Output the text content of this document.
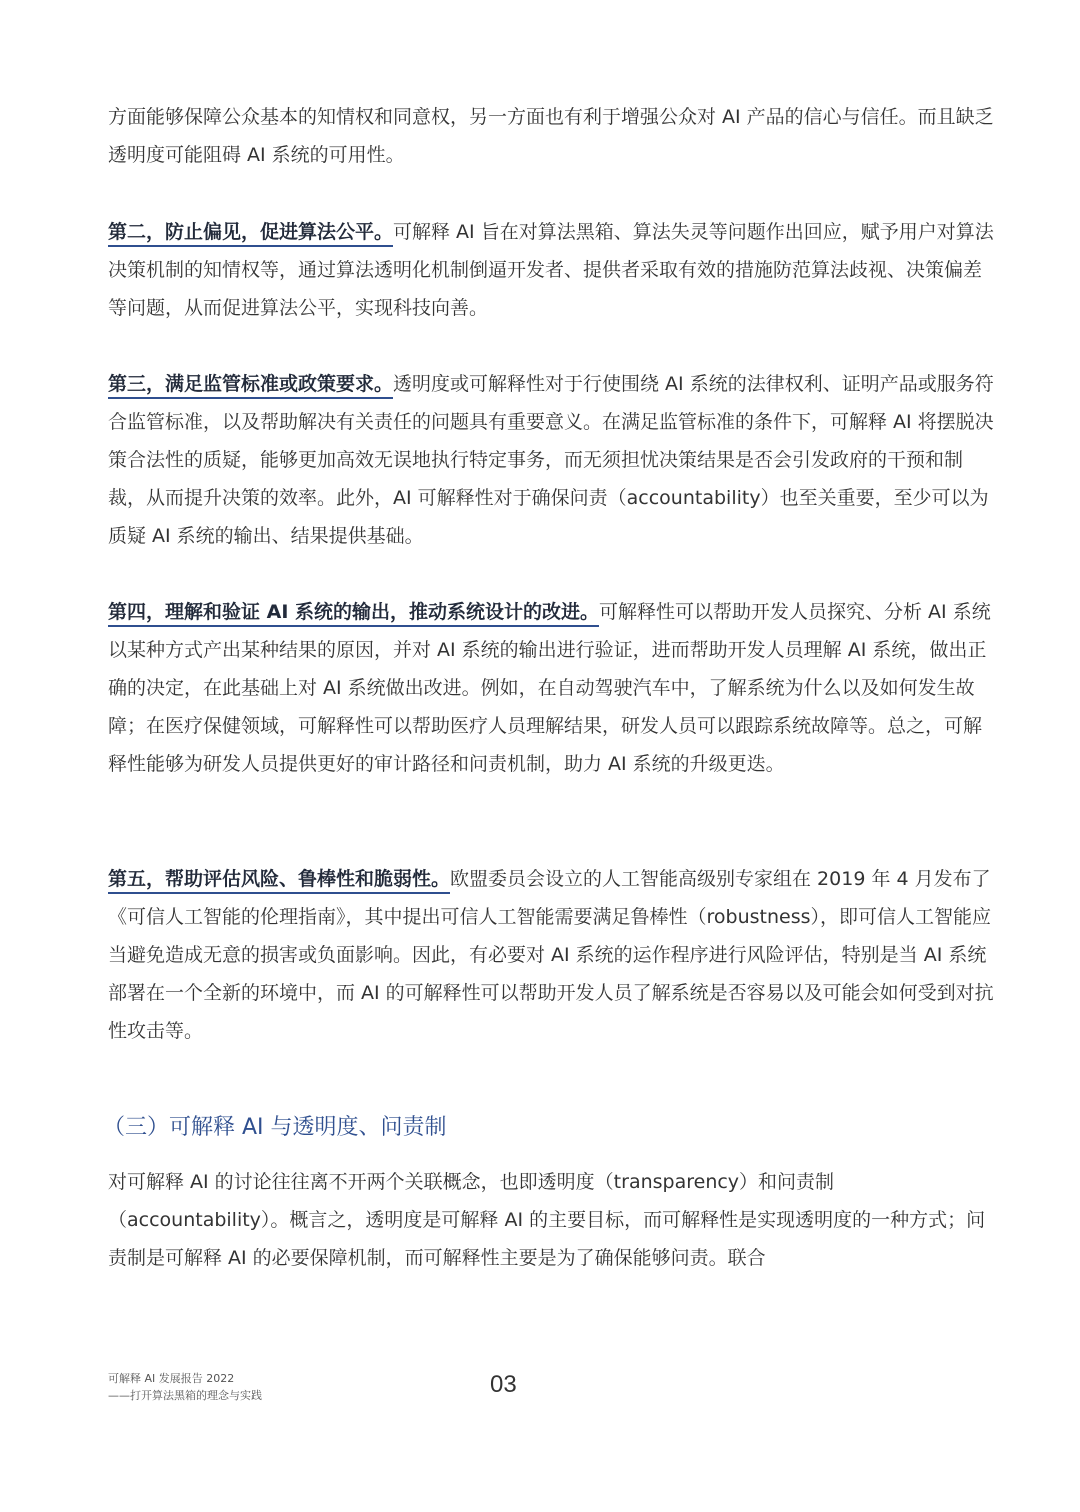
方面能够保障公众基本的知情权和同意权，另一方面也有利于增强公众对 AI 产品的信心与信任。而且缺乏透明度可能阻碍 AI 系统的可用性。
第二，防止偏见，促进算法公平。可解释 AI 旨在对算法黑箱、算法失灵等问题作出回应，赋予用户对算法决策机制的知情权等，通过算法透明化机制倒逼开发者、提供者采取有效的措施防范算法歧视、决策偏差等问题，从而促进算法公平，实现科技向善。
第三，满足监管标准或政策要求。透明度或可解释性对于行使围绕 AI 系统的法律权利、证明产品或服务符合监管标准，以及帮助解决有关责任的问题具有重要意义。在满足监管标准的条件下，可解释 AI 将摆脱决策合法性的质疑，能够更加高效无误地执行特定事务，而无须担忧决策结果是否会引发政府的干预和制裁，从而提升决策的效率。此外，AI 可解释性对于确保问责（accountability）也至关重要，至少可以为质疑 AI 系统的输出、结果提供基础。
第四，理解和验证 AI 系统的输出，推动系统设计的改进。可解释性可以帮助开发人员探究、分析 AI 系统以某种方式产出某种结果的原因，并对 AI 系统的输出进行验证，进而帮助开发人员理解 AI 系统，做出正确的决定，在此基础上对 AI 系统做出改进。例如，在自动驾驶汽车中，了解系统为什么以及如何发生故障；在医疗保健领域，可解释性可以帮助医疗人员理解结果，研发人员可以跟踪系统故障等。总之，可解释性能够为研发人员提供更好的审计路径和问责机制，助力 AI 系统的升级更迭。
第五，帮助评估风险、鲁棒性和脆弱性。欧盟委员会设立的人工智能高级别专家组在 2019 年 4 月发布了《可信人工智能的伦理指南》，其中提出可信人工智能需要满足鲁棒性（robustness），即可信人工智能应当避免造成无意的损害或负面影响。因此，有必要对 AI 系统的运作程序进行风险评估，特别是当 AI 系统部署在一个全新的环境中，而 AI 的可解释性可以帮助开发人员了解系统是否容易以及可能会如何受到对抗性攻击等。
（三）可解释 AI 与透明度、问责制
对可解释 AI 的讨论往往离不开两个关联概念，也即透明度（transparency）和问责制（accountability）。概言之，透明度是可解释 AI 的主要目标，而可解释性是实现透明度的一种方式；问责制是可解释 AI 的必要保障机制，而可解释性主要是为了确保能够问责。联合
可解释 AI 发展报告 2022
——打开算法黑箱的理念与实践	03
